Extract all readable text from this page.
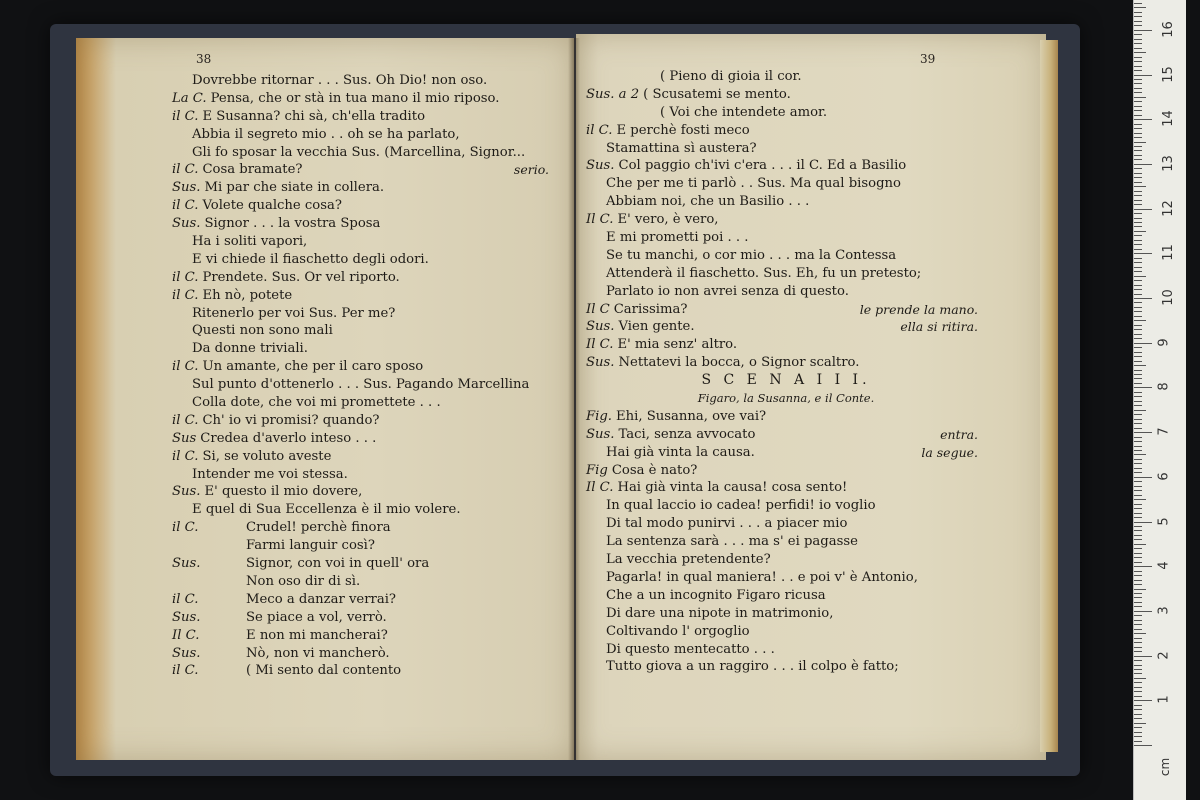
38	39
Dovrebbe ritornar . . . Sus. Oh Dio! non oso.
La C. Pensa, che or stà in tua mano il mio riposo.
il C. E Susanna? chi sà, ch'ella tradito
Abbia il segreto mio . . oh se ha parlato,
Gli fo sposar la vecchia Sus. (Marcellina, Signor...
il C. Cosa bramate?	serio.
Sus. Mi par che siate in collera.
il C. Volete qualche cosa?
Sus. Signor . . . la vostra Sposa
Ha i soliti vapori,
E vi chiede il fiaschetto degli odori.
il C. Prendete. Sus. Or vel riporto.
il C. Eh nò, potete
Ritenerlo per voi Sus. Per me?
Questi non sono mali
Da donne triviali.
il C. Un amante, che per il caro sposo
Sul punto d'ottenerlo . . . Sus. Pagando Marcellina
Colla dote, che voi mi promettete . . .
il C. Ch' io vi promisi? quando?
Sus Credea d'averlo inteso . . .
il C. Si, se voluto aveste
Intender me voi stessa.
Sus. E' questo il mio dovere,
E quel di Sua Eccellenza è il mio volere.
il C.	Crudel! perchè finora
Farmi languir così?
Sus.	Signor, con voi in quell' ora
Non oso dir di sì.
il C.	Meco a danzar verrai?
Sus.	Se piace a vol, verrò.
Il C.	E non mi mancherai?
Sus.	Nò, non vi mancherò.
il C.	( Mi sento dal contento
( Pieno di gioia il cor.
Sus. a 2 ( Scusatemi se mento.
( Voi che intendete amor.
il C. E perchè fosti meco
Stamattina sì austera?
Sus. Col paggio ch'ivi c'era . . . il C. Ed a Basilio
Che per me ti parlò . . Sus. Ma qual bisogno
Abbiam noi, che un Basilio . . .
Il C. E' vero, è vero,
E mi prometti poi . . .
Se tu manchi, o cor mio . . . ma la Contessa
Attenderà il fiaschetto. Sus. Eh, fu un pretesto;
Parlato io non avrei senza di questo.
Il C Carissima?	le prende la mano.
Sus. Vien gente.	ella si ritira.
Il C. E' mia senz' altro.
Sus. Nettatevi la bocca, o Signor scaltro.
S C E N A I I I.
Figaro, la Susanna, e il Conte.
Fig. Ehi, Susanna, ove vai?
Sus. Taci, senza avvocato	entra.
Hai già vinta la causa.	la segue.
Fig Cosa è nato?
Il C. Hai già vinta la causa! cosa sento!
In qual laccio io cadea! perfidi! io voglio
Di tal modo punirvi . . . a piacer mio
La sentenza sarà . . . ma s' ei pagasse
La vecchia pretendente?
Pagarla! in qual maniera! . . e poi v' è Antonio,
Che a un incognito Figaro ricusa
Di dare una nipote in matrimonio,
Coltivando l' orgoglio
Di questo mentecatto . . .
Tutto giova a un raggiro . . . il colpo è fatto;
cm
1
2
3
4
5
6
7
8
9
10
11
12
13
14
15
16
